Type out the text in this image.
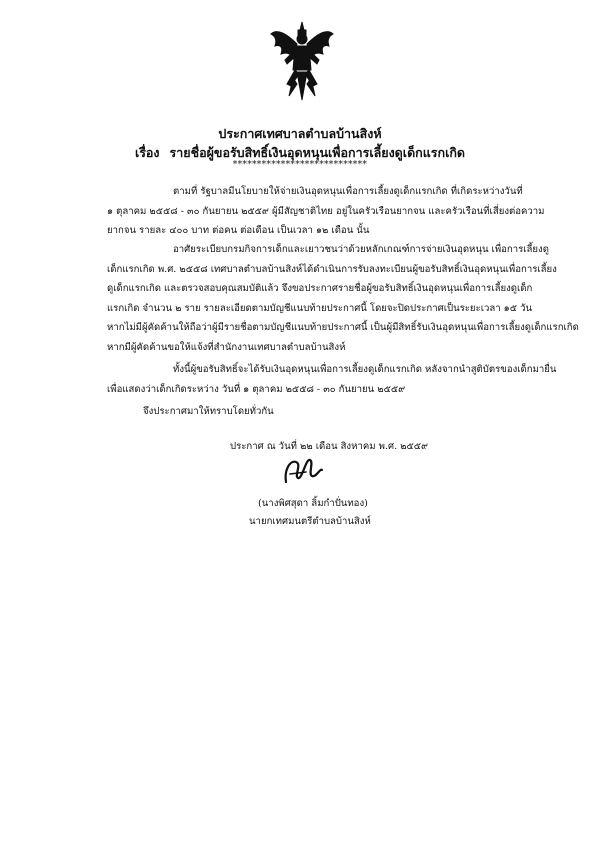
ประกาศเทศบาลตำบลบ้านสิงห์
เรื่อง รายชื่อผู้ขอรับสิทธิ์เงินอุดหนุนเพื่อการเลี้ยงดูเด็กแรกเกิด
****************************
ตามที่ รัฐบาลมีนโยบายให้จ่ายเงินอุดหนุนเพื่อการเลี้ยงดูเด็กแรกเกิด ที่เกิดระหว่างวันที่
๑ ตุลาคม ๒๕๕๘ - ๓๐ กันยายน ๒๕๕๙ ผู้มีสัญชาติไทย อยู่ในครัวเรือนยากจน และครัวเรือนที่เสี่ยงต่อความ
ยากจน รายละ ๔๐๐ บาท ต่อคน ต่อเดือน เป็นเวลา ๑๒ เดือน นั้น
อาศัยระเบียบกรมกิจการเด็กและเยาวชนว่าด้วยหลักเกณฑ์การจ่ายเงินอุดหนุน เพื่อการเลี้ยงดู
เด็กแรกเกิด พ.ศ. ๒๕๕๘ เทศบาลตำบลบ้านสิงห์ได้ดำเนินการรับลงทะเบียนผู้ขอรับสิทธิ์เงินอุดหนุนเพื่อการเลี้ยง
ดูเด็กแรกเกิด และตรวจสอบคุณสมบัติแล้ว จึงขอประกาศรายชื่อผู้ขอรับสิทธิ์เงินอุดหนุนเพื่อการเลี้ยงดูเด็ก
แรกเกิด จำนวน ๒ ราย รายละเอียดตามบัญชีแนบท้ายประกาศนี้ โดยจะปิดประกาศเป็นระยะเวลา ๑๕ วัน
หากไม่มีผู้คัดค้านให้ถือว่าผู้มีรายชื่อตามบัญชีแนบท้ายประกาศนี้ เป็นผู้มีสิทธิ์รับเงินอุดหนุนเพื่อการเลี้ยงดูเด็กแรกเกิด
หากมีผู้คัดค้านขอให้แจ้งที่สำนักงานเทศบาลตำบลบ้านสิงห์
ทั้งนี้ผู้ขอรับสิทธิ์จะได้รับเงินอุดหนุนเพื่อการเลี้ยงดูเด็กแรกเกิด หลังจากนำสูติบัตรของเด็กมายื่น
เพื่อแสดงว่าเด็กเกิดระหว่าง วันที่ ๑ ตุลาคม ๒๕๕๘ - ๓๐ กันยายน ๒๕๕๙
จึงประกาศมาให้ทราบโดยทั่วกัน
ประกาศ ณ วันที่ ๒๒ เดือน สิงหาคม พ.ศ. ๒๕๕๙
(นางพิศสุดา ลิ้มกำปั่นทอง)
นายกเทศมนตรีตำบลบ้านสิงห์
